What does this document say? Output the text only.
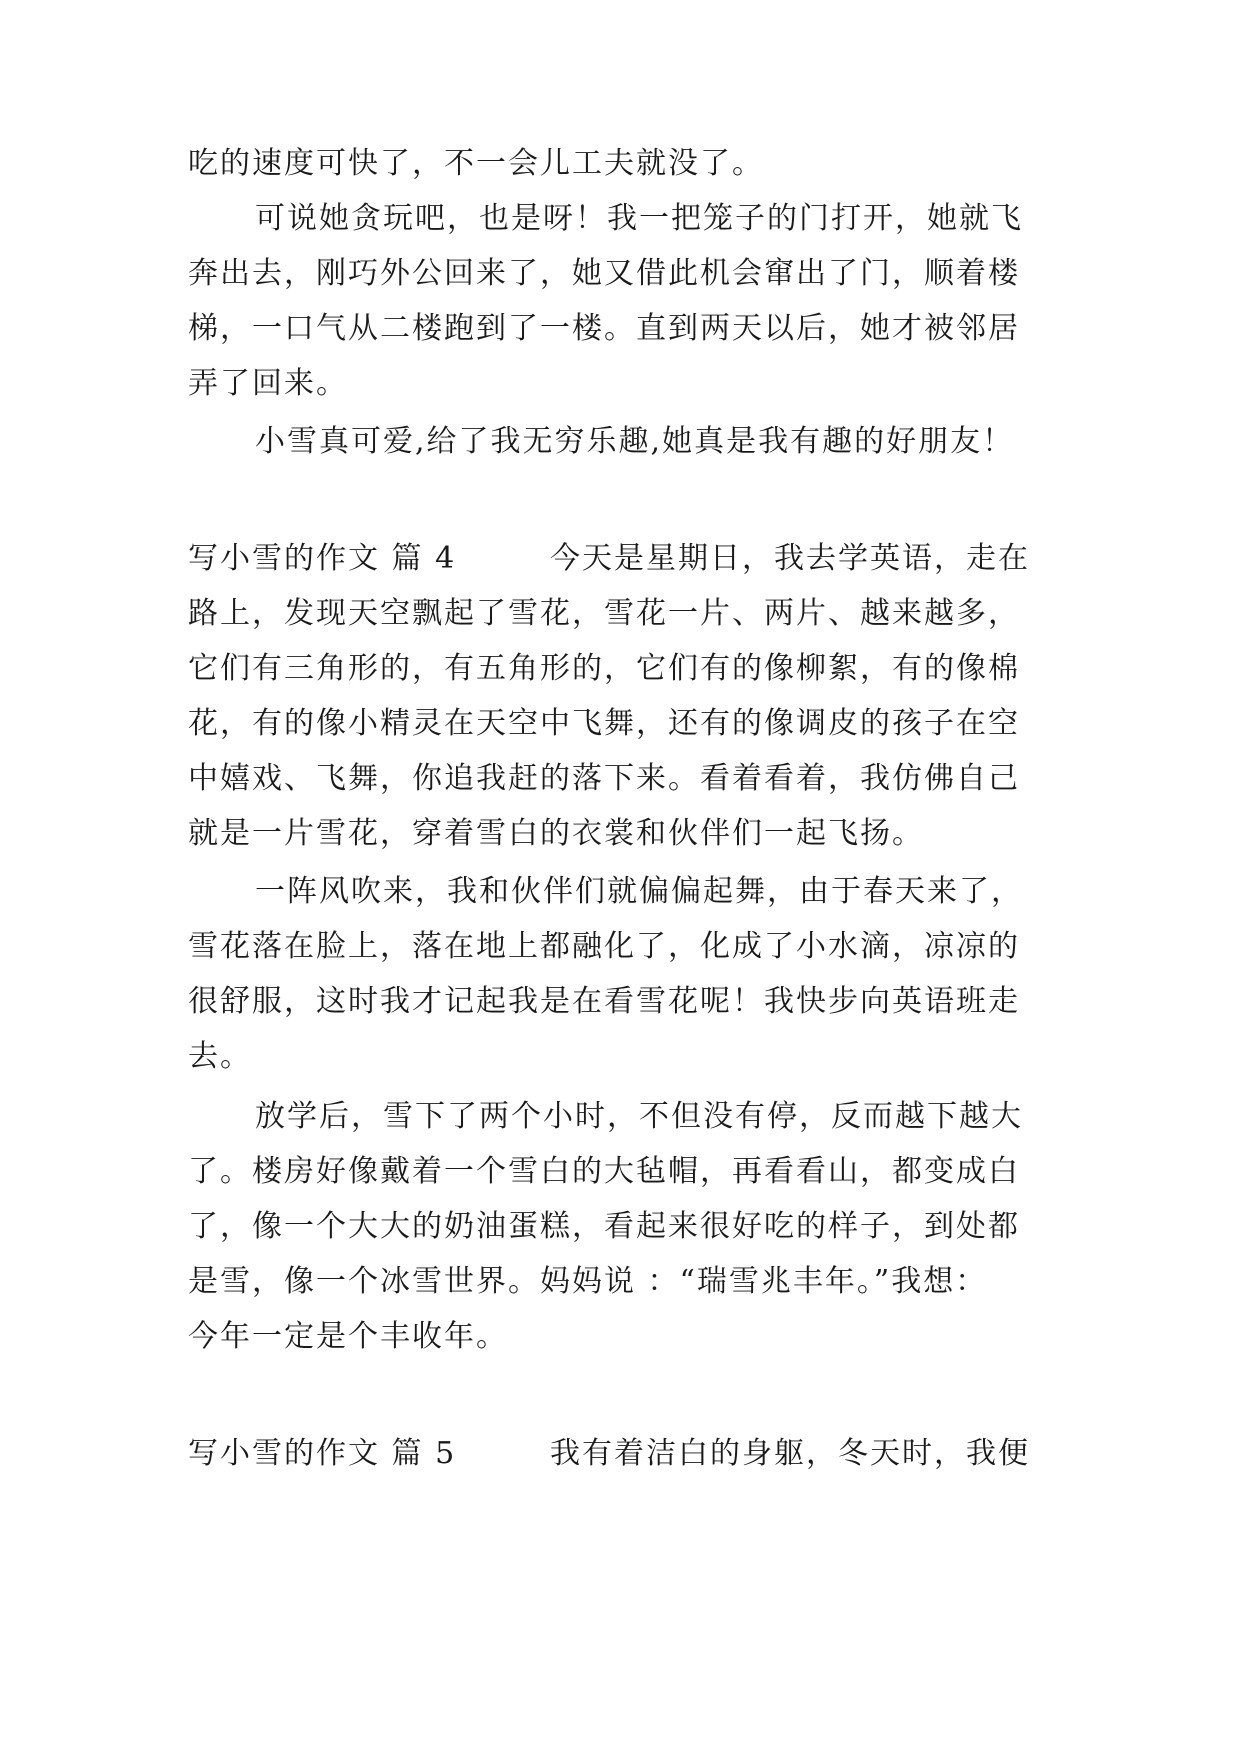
吃的速度可快了，不一会儿工夫就没了。
可说她贪玩吧，也是呀！我一把笼子的门打开，她就飞
奔出去，刚巧外公回来了，她又借此机会窜出了门，顺着楼
梯，一口气从二楼跑到了一楼。直到两天以后，她才被邻居
弄了回来。
小雪真可爱,给了我无穷乐趣,她真是我有趣的好朋友！
写小雪的作文 篇 4	今天是星期日，我去学英语，走在
路上，发现天空飘起了雪花，雪花一片、两片、越来越多，
它们有三角形的，有五角形的，它们有的像柳絮，有的像棉
花，有的像小精灵在天空中飞舞，还有的像调皮的孩子在空
中嬉戏、飞舞，你追我赶的落下来。看着看着，我仿佛自己
就是一片雪花，穿着雪白的衣裳和伙伴们一起飞扬。
一阵风吹来，我和伙伴们就偏偏起舞，由于春天来了，
雪花落在脸上，落在地上都融化了，化成了小水滴，凉凉的
很舒服，这时我才记起我是在看雪花呢！我快步向英语班走
去。
放学后，雪下了两个小时，不但没有停，反而越下越大
了。楼房好像戴着一个雪白的大毡帽，再看看山，都变成白
了，像一个大大的奶油蛋糕，看起来很好吃的样子，到处都
是雪，像一个冰雪世界。妈妈说 ：“瑞雪兆丰年。”我想：
今年一定是个丰收年。
写小雪的作文 篇 5	我有着洁白的身躯，冬天时，我便
